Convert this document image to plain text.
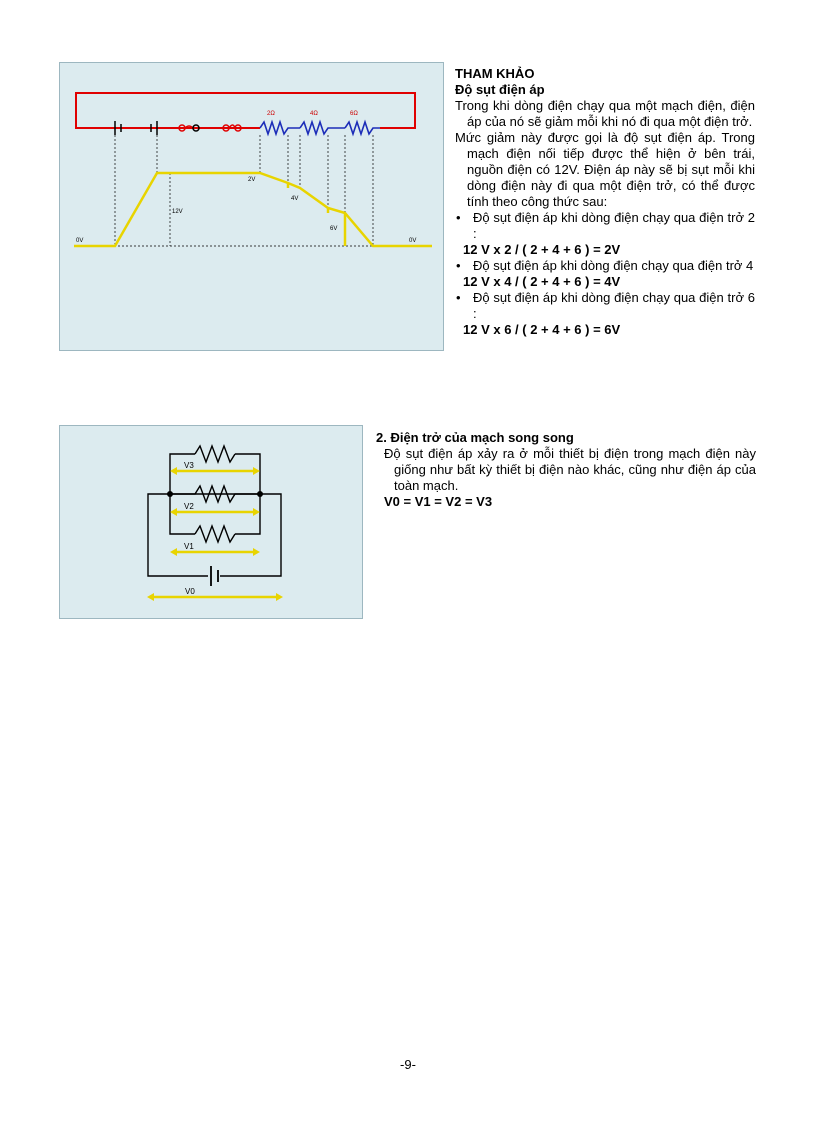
2Ω	4Ω	6Ω
0V
12V
2V
4V
6V
0V

THAM KHẢO

Độ sụt điện áp

Trong khi dòng điện chạy qua một mạch điện, điện áp của nó sẽ giảm mỗi khi nó đi qua một điện trở.

Mức giảm này được gọi là độ sụt điện áp. Trong mạch điện nối tiếp được thể hiện ở bên trái, nguồn điện có 12V. Điện áp này sẽ bị sụt mỗi khi dòng điện này đi qua một điện trở, có thể được tính theo công thức sau:

• Độ sụt điện áp khi dòng điện chạy qua điện trở 2 :

12 V x 2 / ( 2 + 4 + 6 ) = 2V

• Độ sụt điện áp khi dòng điện chạy qua điện trở 4

12 V x 4 / ( 2 + 4 + 6 ) = 4V

• Độ sụt điện áp khi dòng điện chạy qua điện trở 6 :

12 V x 6 / ( 2 + 4 + 6 ) = 6V

V3
V2
V1
V0

2. Điện trở của mạch song song

Độ sụt điện áp xảy ra ở mỗi thiết bị điện trong mạch điện này giống như bất kỳ thiết bị điện nào khác, cũng như điện áp của toàn mạch.

V0 = V1 = V2 = V3

-9-
